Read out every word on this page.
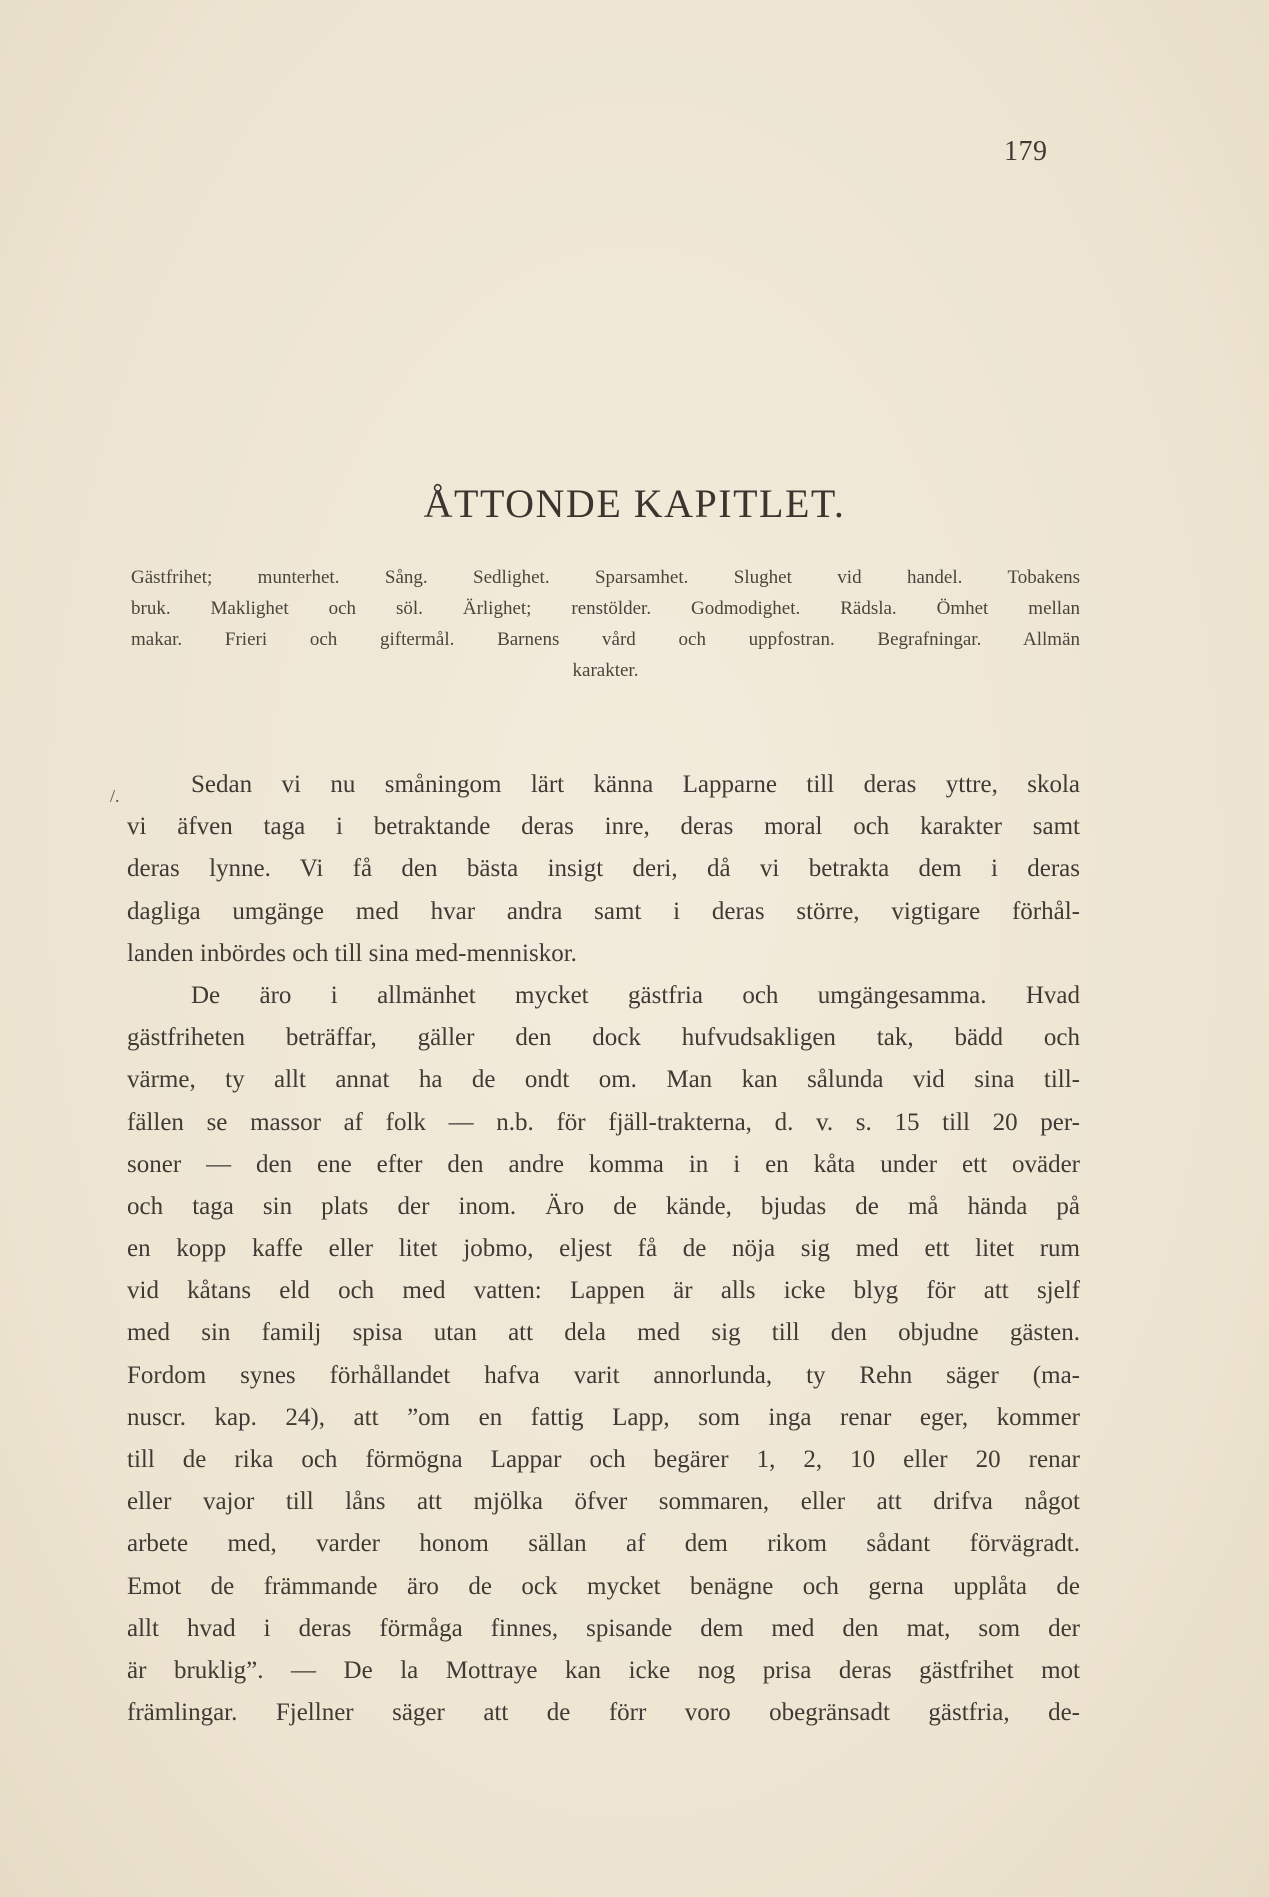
179
ÅTTONDE KAPITLET.
Gästfrihet; munterhet. Sång. Sedlighet. Sparsamhet. Slughet vid handel. Tobakens
bruk. Maklighet och söl. Ärlighet; renstölder. Godmodighet. Rädsla. Ömhet mellan
makar. Frieri och giftermål. Barnens vård och uppfostran. Begrafningar. Allmän
karakter.
/.	Sedan vi nu småningom lärt känna Lapparne till deras yttre, skola
vi äfven taga i betraktande deras inre, deras moral och karakter samt
deras lynne. Vi få den bästa insigt deri, då vi betrakta dem i deras
dagliga umgänge med hvar andra samt i deras större, vigtigare förhål-
landen inbördes och till sina med-menniskor.
De äro i allmänhet mycket gästfria och umgängesamma. Hvad
gästfriheten beträffar, gäller den dock hufvudsakligen tak, bädd och
värme, ty allt annat ha de ondt om. Man kan sålunda vid sina till-
fällen se massor af folk — n.b. för fjäll-trakterna, d. v. s. 15 till 20 per-
soner — den ene efter den andre komma in i en kåta under ett oväder
och taga sin plats der inom. Äro de kände, bjudas de må hända på
en kopp kaffe eller litet jobmo, eljest få de nöja sig med ett litet rum
vid kåtans eld och med vatten: Lappen är alls icke blyg för att sjelf
med sin familj spisa utan att dela med sig till den objudne gästen.
Fordom synes förhållandet hafva varit annorlunda, ty Rehn säger (ma-
nuscr. kap. 24), att ”om en fattig Lapp, som inga renar eger, kommer
till de rika och förmögna Lappar och begärer 1, 2, 10 eller 20 renar
eller vajor till låns att mjölka öfver sommaren, eller att drifva något
arbete med, varder honom sällan af dem rikom sådant förvägradt.
Emot de främmande äro de ock mycket benägne och gerna upplåta de
allt hvad i deras förmåga finnes, spisande dem med den mat, som der
är bruklig”. — De la Mottraye kan icke nog prisa deras gästfrihet mot
främlingar. Fjellner säger att de förr voro obegränsadt gästfria, de-
